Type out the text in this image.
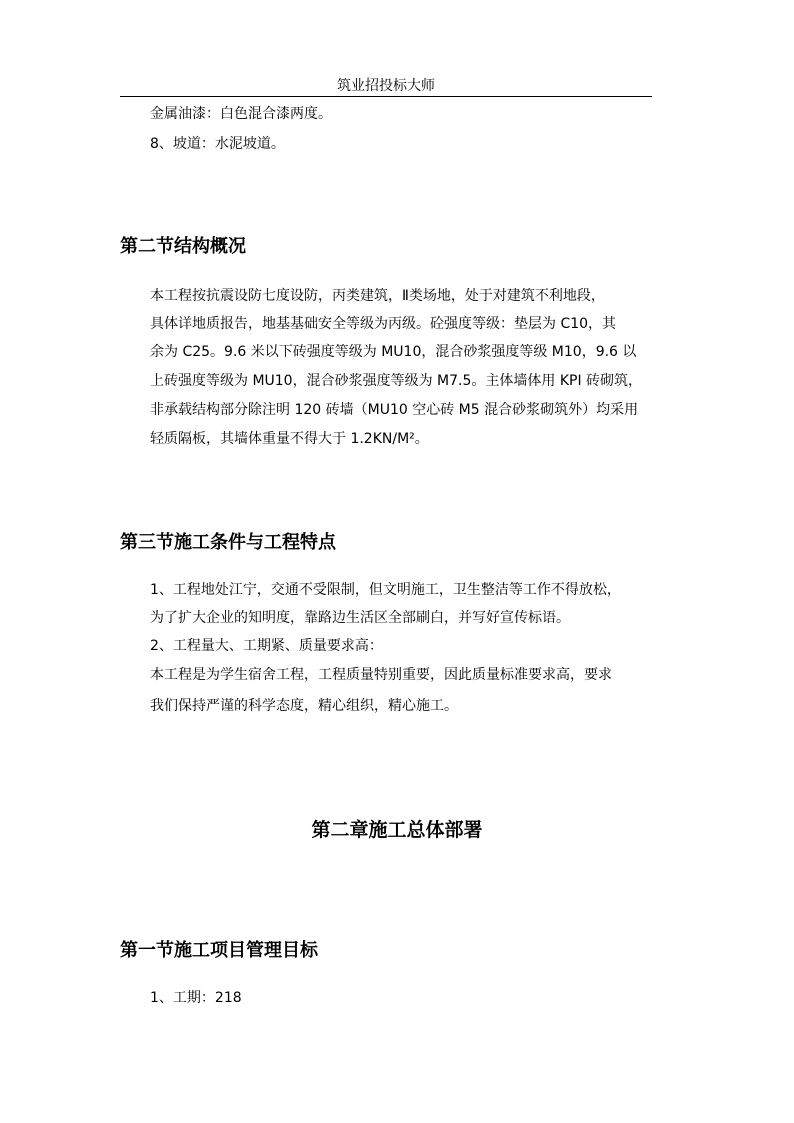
筑业招投标大师
金属油漆：白色混合漆两度。
8、坡道：水泥坡道。
第二节结构概况
本工程按抗震设防七度设防，丙类建筑，Ⅱ类场地，处于对建筑不利地段，
具体详地质报告，地基基础安全等级为丙级。砼强度等级：垫层为 C10，其
余为 C25。9.6 米以下砖强度等级为 MU10，混合砂浆强度等级 M10，9.6 以
上砖强度等级为 MU10，混合砂浆强度等级为 M7.5。主体墙体用 KPI 砖砌筑，
非承载结构部分除注明 120 砖墙（MU10 空心砖 M5 混合砂浆砌筑外）均采用
轻质隔板，其墙体重量不得大于 1.2KN/M²。
第三节施工条件与工程特点
1、工程地处江宁，交通不受限制，但文明施工，卫生整洁等工作不得放松，
为了扩大企业的知明度，靠路边生活区全部刷白，并写好宣传标语。
2、工程量大、工期紧、质量要求高：
本工程是为学生宿舍工程，工程质量特别重要，因此质量标准要求高，要求
我们保持严谨的科学态度，精心组织，精心施工。
第二章施工总体部署
第一节施工项目管理目标
1、工期：218
